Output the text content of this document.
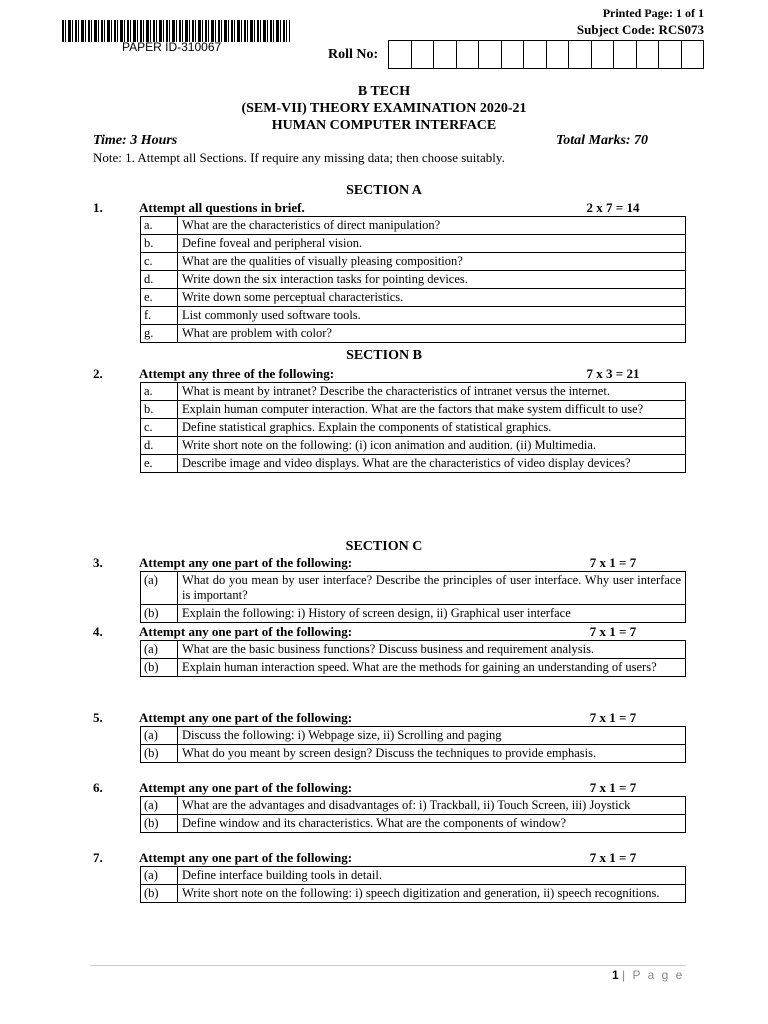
PAPER ID-310067
Printed Page: 1 of 1
Subject Code: RCS073
Roll No:
B TECH
(SEM-VII) THEORY EXAMINATION 2020-21
HUMAN COMPUTER INTERFACE
Time: 3 Hours	Total Marks: 70
Note: 1. Attempt all Sections. If require any missing data; then choose suitably.
SECTION A
SECTION B
SECTION C
1.	Attempt all questions in brief.	2 x 7 = 14
a.	What are the characteristics of direct manipulation?
b.	Define foveal and peripheral vision.
c.	What are the qualities of visually pleasing composition?
d.	Write down the six interaction tasks for pointing devices.
e.	Write down some perceptual characteristics.
f.	List commonly used software tools.
g.	What are problem with color?
2.	Attempt any three of the following:	7 x 3 = 21
a.	What is meant by intranet? Describe the characteristics of intranet versus the internet.
b.	Explain human computer interaction. What are the factors that make system difficult to use?
c.	Define statistical graphics. Explain the components of statistical graphics.
d.	Write short note on the following: (i) icon animation and audition. (ii) Multimedia.
e.	Describe image and video displays. What are the characteristics of video display devices?
3.	Attempt any one part of the following:	7 x 1 = 7
(a)	What do you mean by user interface? Describe the principles of user interface. Why user interface is important?
(b)	Explain the following: i) History of screen design, ii) Graphical user interface
4.	Attempt any one part of the following:	7 x 1 = 7
(a)	What are the basic business functions? Discuss business and requirement analysis.
(b)	Explain human interaction speed. What are the methods for gaining an understanding of users?
5.	Attempt any one part of the following:	7 x 1 = 7
(a)	Discuss the following: i) Webpage size, ii) Scrolling and paging
(b)	What do you meant by screen design? Discuss the techniques to provide emphasis.
6.	Attempt any one part of the following:	7 x 1 = 7
(a)	What are the advantages and disadvantages of: i) Trackball, ii) Touch Screen, iii) Joystick
(b)	Define window and its characteristics. What are the components of window?
7.	Attempt any one part of the following:	7 x 1 = 7
(a)	Define interface building tools in detail.
(b)	Write short note on the following: i) speech digitization and generation, ii) speech recognitions.
1 | P a g e
